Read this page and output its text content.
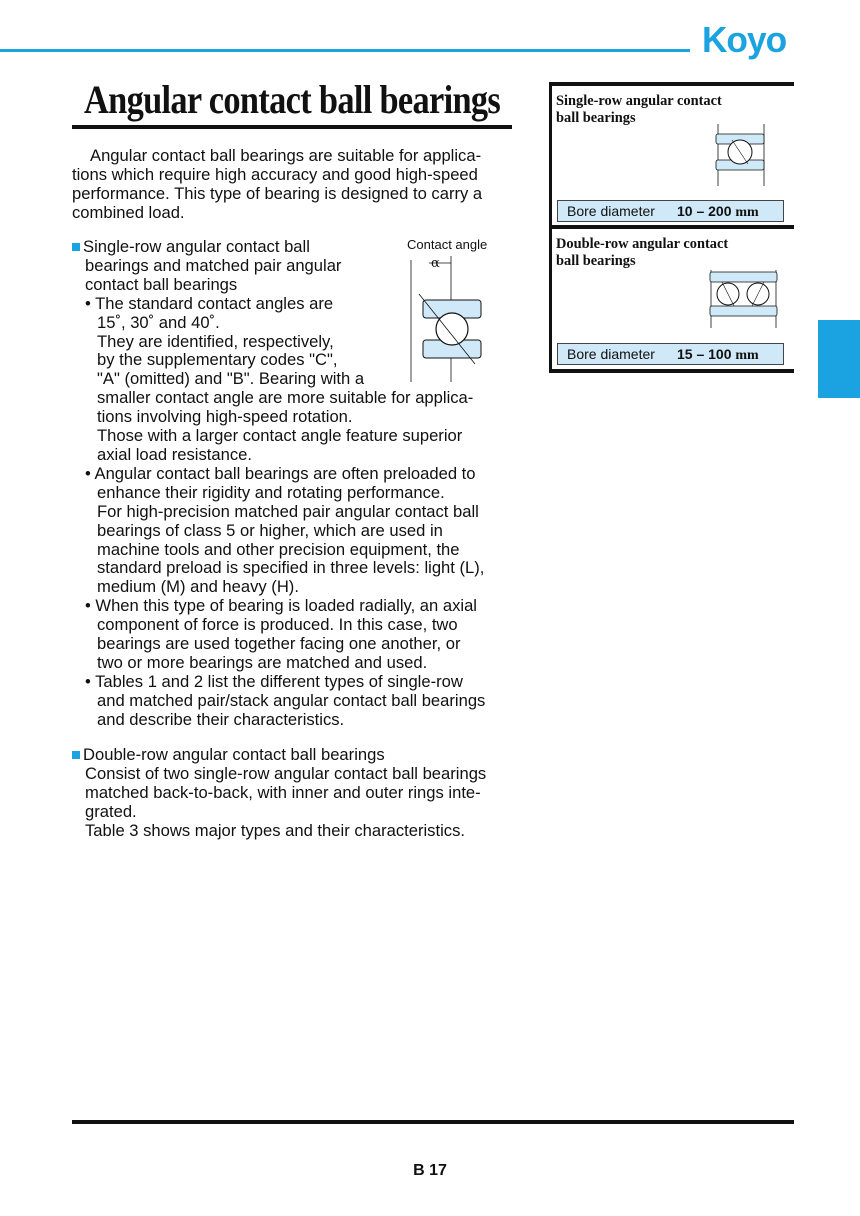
Koyo
Angular contact ball bearings
Angular contact ball bearings are suitable for applica-
tions which require high accuracy and good high-speed
performance. This type of bearing is designed to carry a
combined load.
Single-row angular contact ball
bearings and matched pair angular
contact ball bearings
• The standard contact angles are
15˚, 30˚ and 40˚.
They are identified, respectively,
by the supplementary codes "C",
"A" (omitted) and "B". Bearing with a
smaller contact angle are more suitable for applica-
tions involving high-speed rotation.
Those with a larger contact angle feature superior
axial load resistance.
• Angular contact ball bearings are often preloaded to
enhance their rigidity and rotating performance.
For high-precision matched pair angular contact ball
bearings of class 5 or higher, which are used in
machine tools and other precision equipment, the
standard preload is specified in three levels: light (L),
medium (M) and heavy (H).
• When this type of bearing is loaded radially, an axial
component of force is produced. In this case, two
bearings are used together facing one another, or
two or more bearings are matched and used.
• Tables 1 and 2 list the different types of single-row
and matched pair/stack angular contact ball bearings
and describe their characteristics.
Double-row angular contact ball bearings
Consist of two single-row angular contact ball bearings
matched back-to-back, with inner and outer rings inte-
grated.
Table 3 shows major types and their characteristics.
Contact angle
α
Single-row angular contact
ball bearings
Bore diameter 10 – 200 mm
Double-row angular contact
ball bearings
Bore diameter 15 – 100 mm
B 17
